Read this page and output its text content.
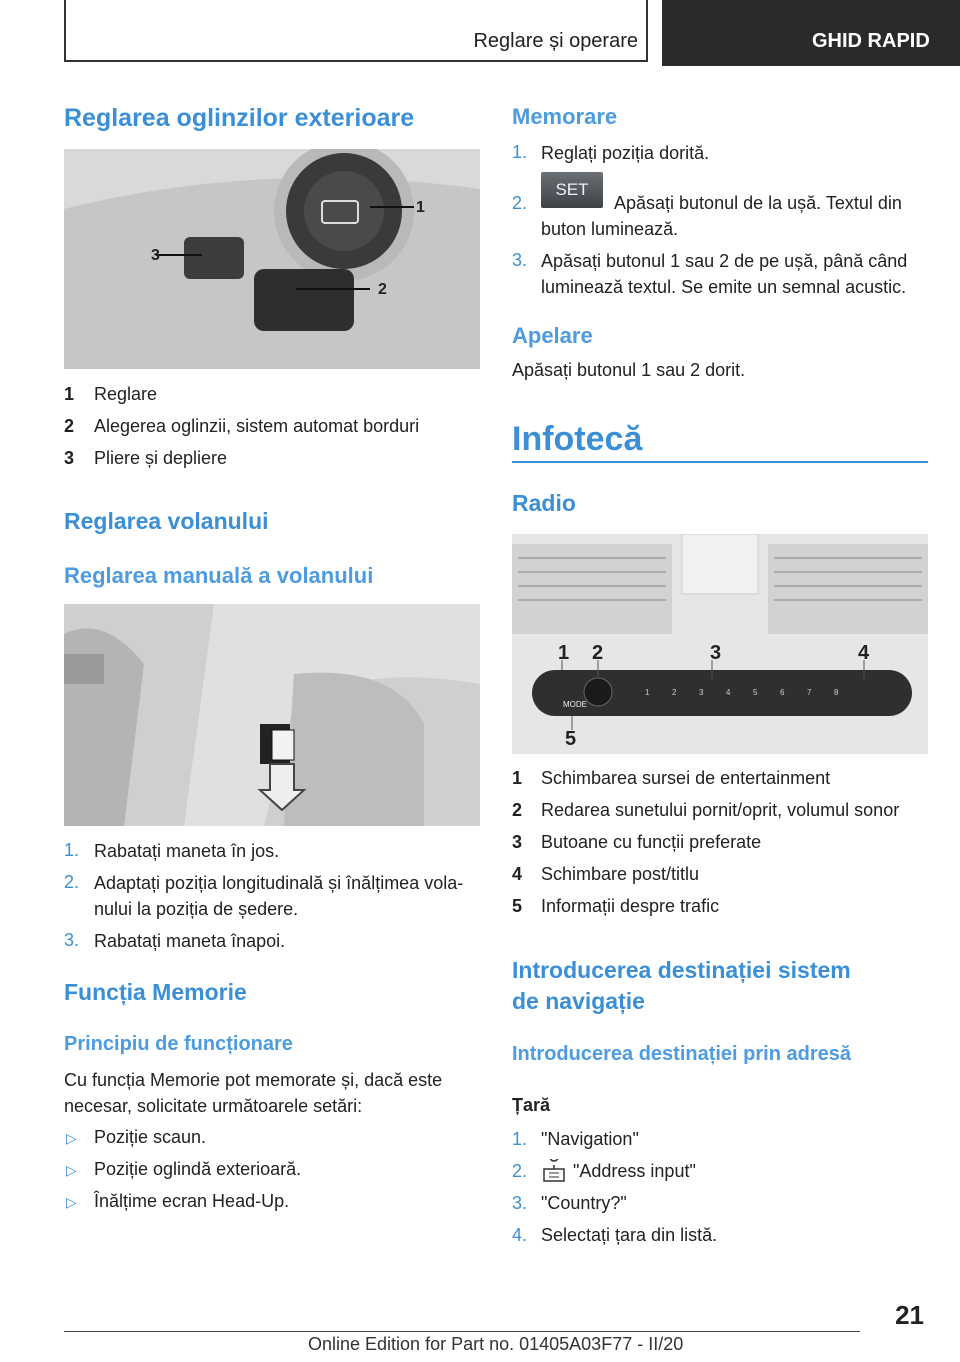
Reglare și operare	GHID RAPID
Reglarea oglinzilor exterioare
1
2
3
1 Reglare
2 Alegerea oglinzii, sistem automat borduri
3 Pliere și depliere
Reglarea volanului
Reglarea manuală a volanului
1. Rabatați maneta în jos.
2. Adaptați poziția longitudinală și înălțimea vola-
nului la poziția de ședere.
3. Rabatați maneta înapoi.
Funcția Memorie
Principiu de funcționare
Cu funcția Memorie pot memorate și, dacă este
necesar, solicitate următoarele setări:
▷ Poziție scaun.
▷ Poziție oglindă exterioară.
▷ Înălțime ecran Head-Up.
Memorare
1. Reglați poziția dorită.
2.
SET
Apăsați butonul de la ușă. Textul din
buton luminează.
3. Apăsați butonul 1 sau 2 de pe ușă, până când
luminează textul. Se emite un semnal acustic.
Apelare
Apăsați butonul 1 sau 2 dorit.
Infotecă
Radio
MODE
1	2	3	4	5	6	7	8
1 2	3	4
5
1 Schimbarea sursei de entertainment
2 Redarea sunetului pornit/oprit, volumul sonor
3 Butoane cu funcții preferate
4 Schimbare post/titlu
5 Informații despre trafic
Introducerea destinației sistem
de navigație
Introducerea destinației prin adresă
Țară
1. "Navigation"
2.	"Address input"
3. "Country?"
4. Selectați țara din listă.
21
Online Edition for Part no. 01405A03F77 - II/20
